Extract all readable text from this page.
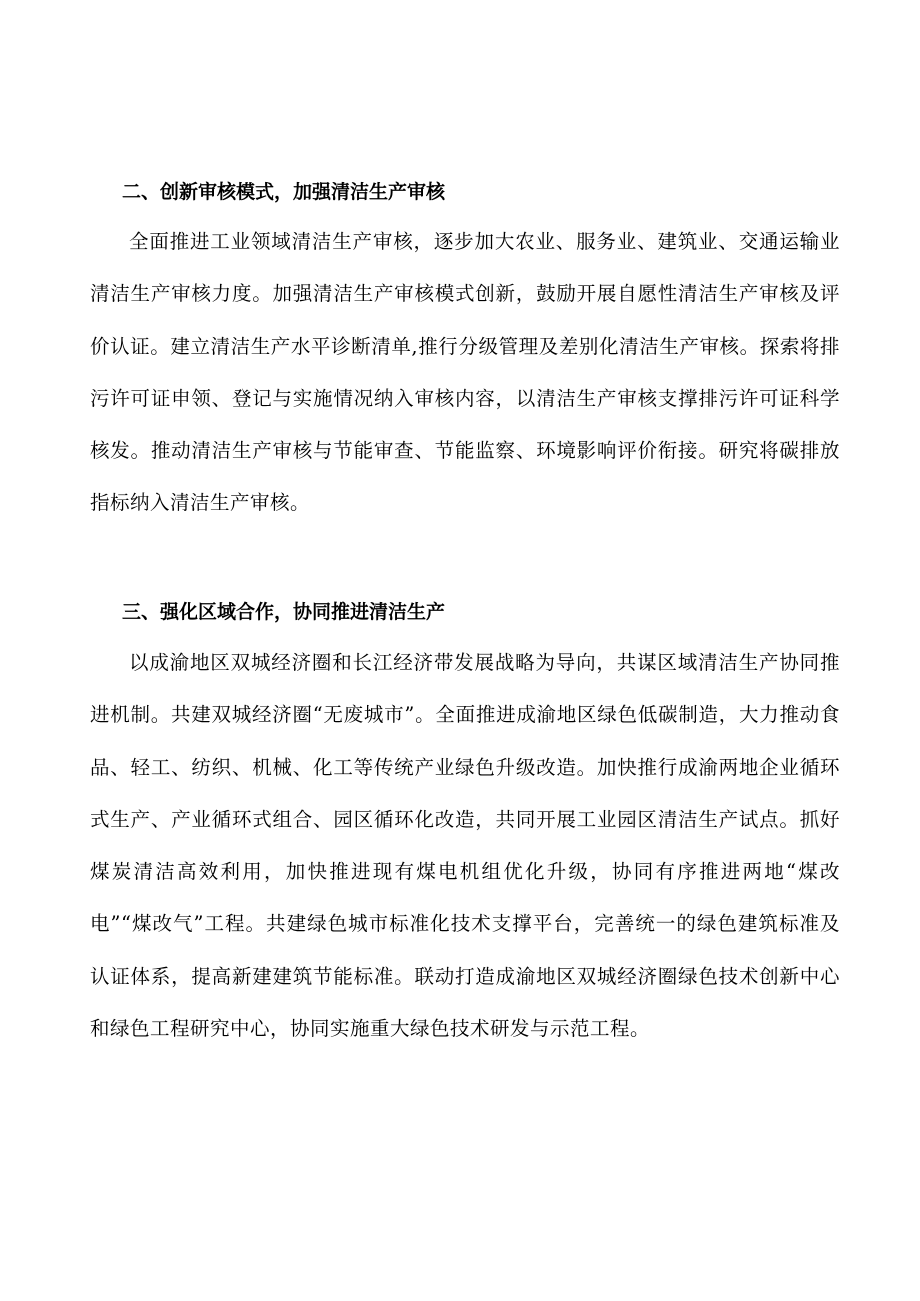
二、创新审核模式，加强清洁生产审核

全面推进工业领域清洁生产审核，逐步加大农业、服务业、建筑业、交通运输业清洁生产审核力度。加强清洁生产审核模式创新，鼓励开展自愿性清洁生产审核及评价认证。建立清洁生产水平诊断清单,推行分级管理及差别化清洁生产审核。探索将排污许可证申领、登记与实施情况纳入审核内容，以清洁生产审核支撑排污许可证科学核发。推动清洁生产审核与节能审查、节能监察、环境影响评价衔接。研究将碳排放指标纳入清洁生产审核。

三、强化区域合作，协同推进清洁生产

以成渝地区双城经济圈和长江经济带发展战略为导向，共谋区域清洁生产协同推进机制。共建双城经济圈“无废城市”。全面推进成渝地区绿色低碳制造，大力推动食品、轻工、纺织、机械、化工等传统产业绿色升级改造。加快推行成渝两地企业循环式生产、产业循环式组合、园区循环化改造，共同开展工业园区清洁生产试点。抓好煤炭清洁高效利用，加快推进现有煤电机组优化升级，协同有序推进两地“煤改电”“煤改气”工程。共建绿色城市标准化技术支撑平台，完善统一的绿色建筑标准及认证体系，提高新建建筑节能标准。联动打造成渝地区双城经济圈绿色技术创新中心和绿色工程研究中心，协同实施重大绿色技术研发与示范工程。
